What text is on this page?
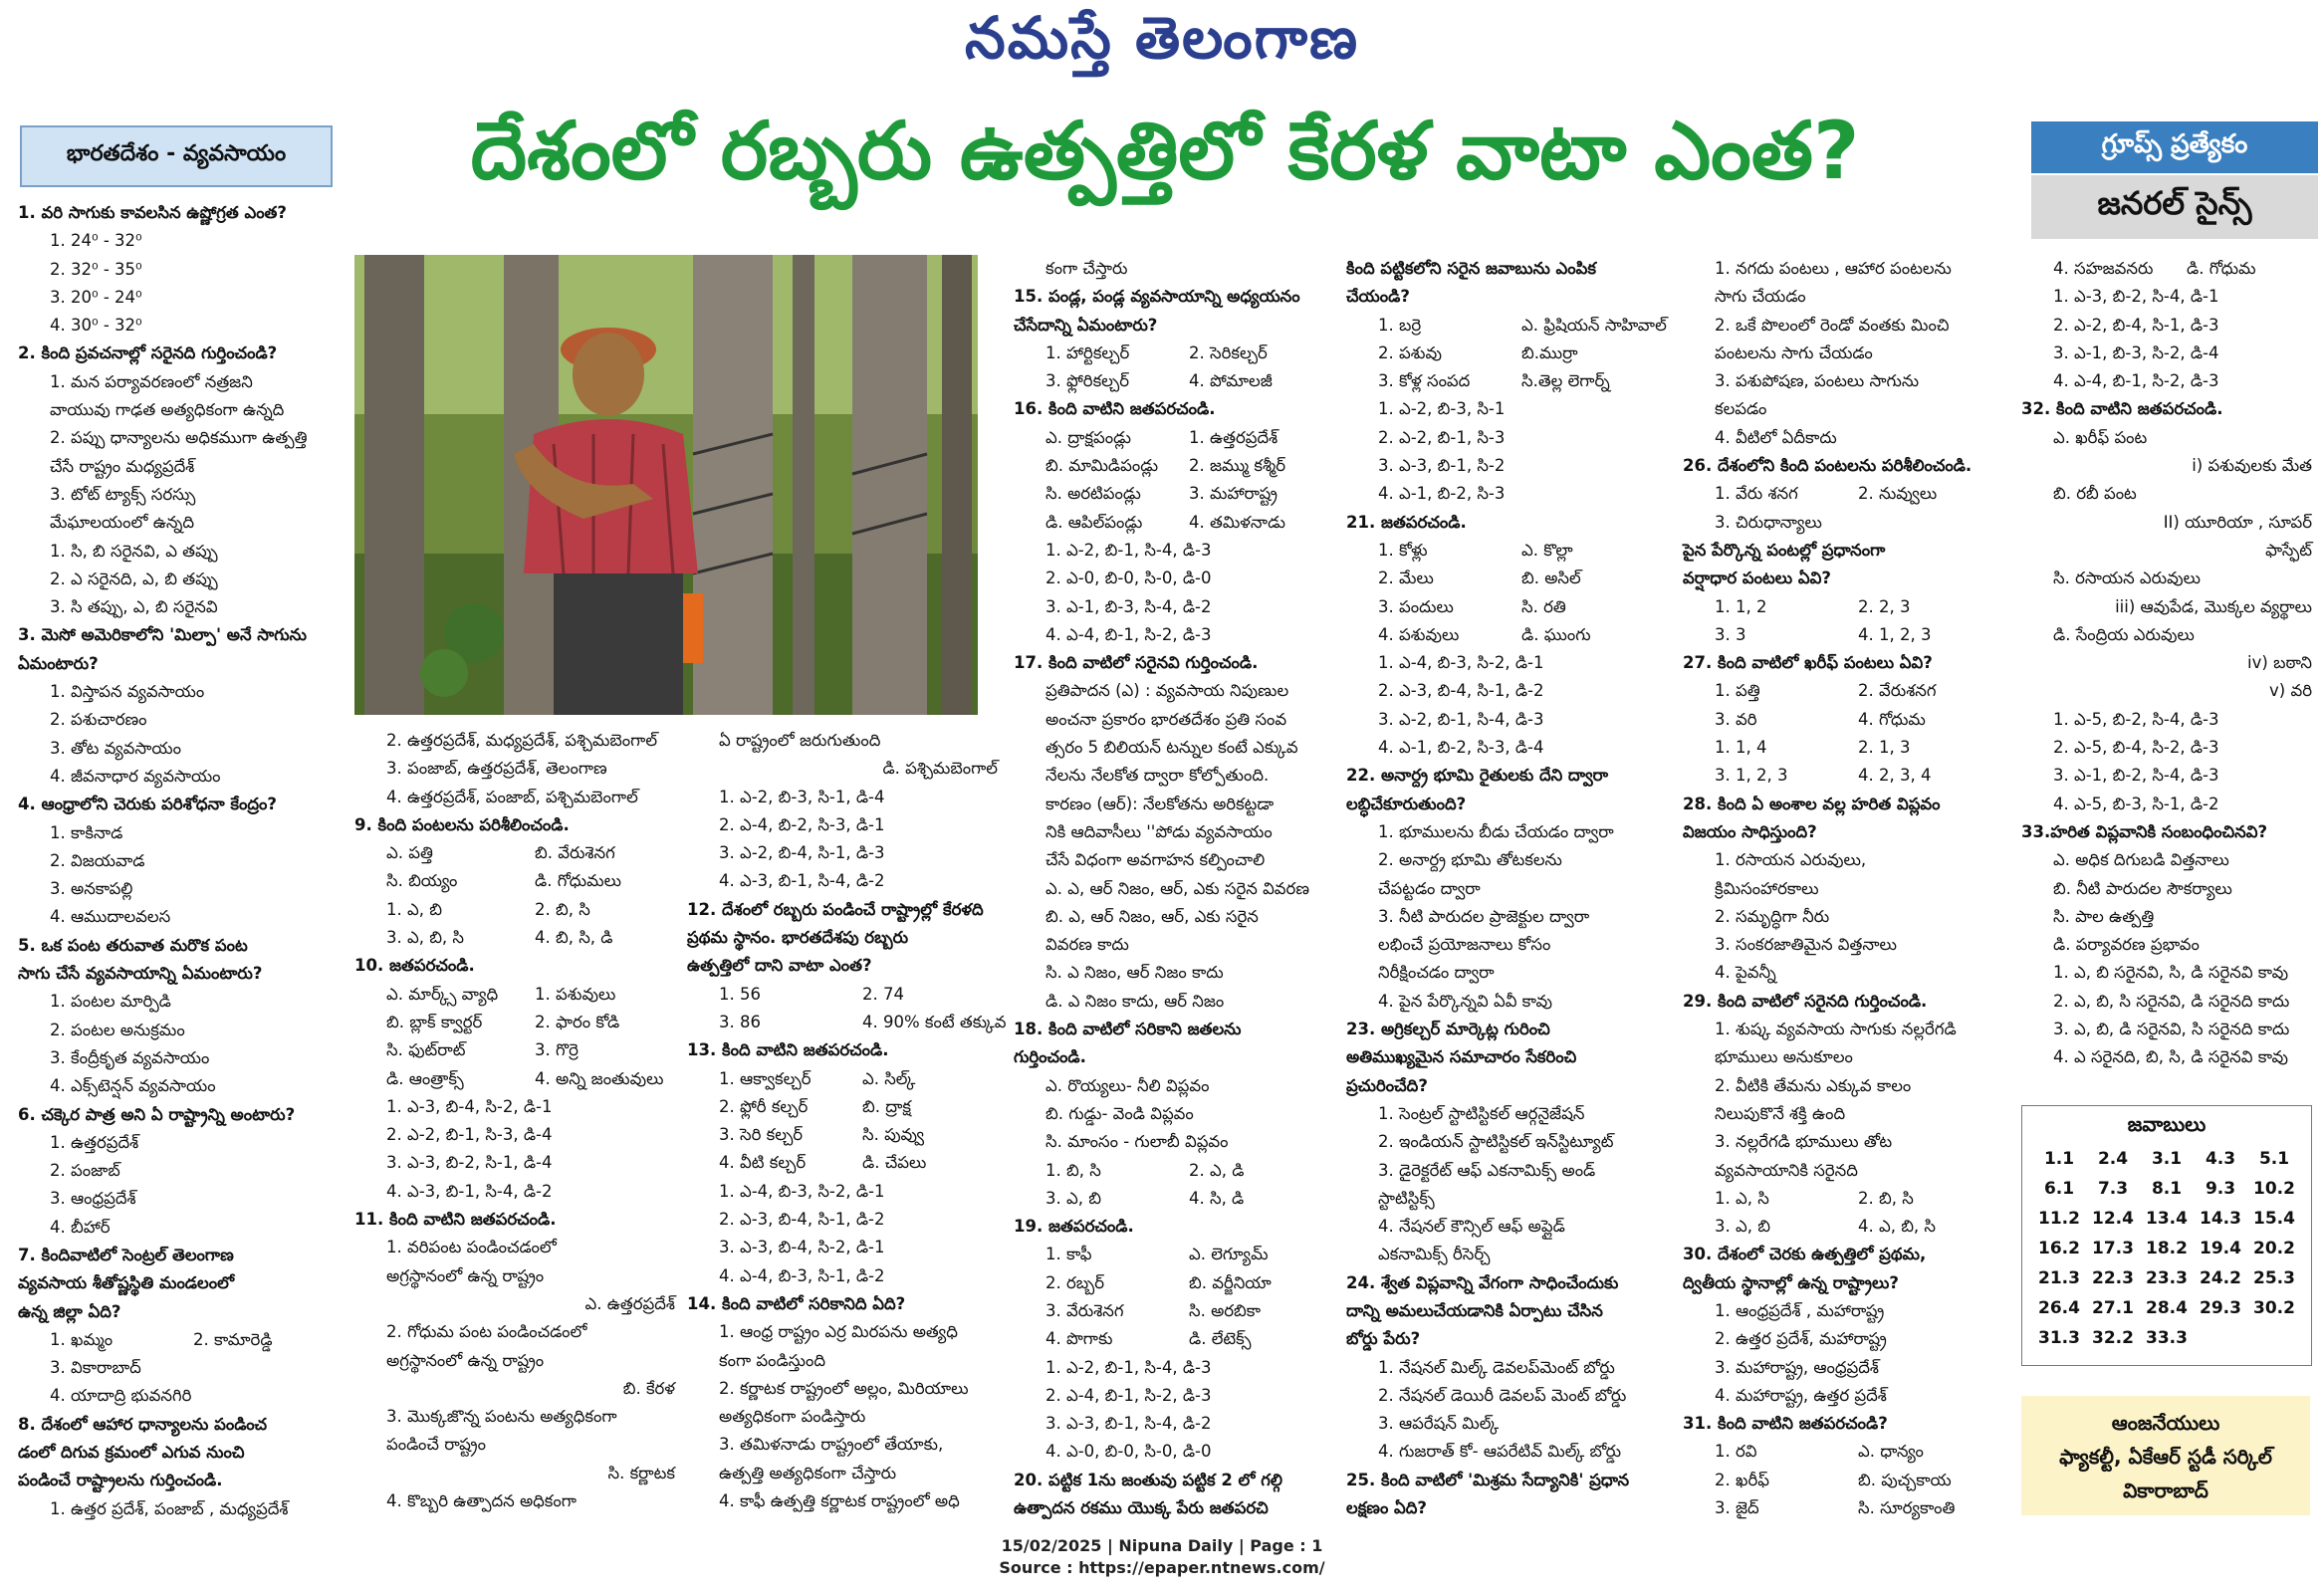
నమస్తే తెలంగాణ
భారతదేశం - వ్యవసాయం	దేశంలో రబ్బరు ఉత్పత్తిలో కేరళ వాటా ఎంత?	గ్రూప్స్ ప్రత్యేకం
జనరల్ సైన్స్
1. వరి సాగుకు కావలసిన ఉష్ణోగ్రత ఎంత?
1. 24⁰ - 32⁰
2. 32⁰ - 35⁰
3. 20⁰ - 24⁰
4. 30⁰ - 32⁰
2. కింది ప్రవచనాల్లో సరైనది గుర్తించండి?
1. మన పర్యావరణంలో నత్రజని
వాయువు గాఢత అత్యధికంగా ఉన్నది
2. పప్పు ధాన్యాలను అధికముగా ఉత్పత్తి
చేసే రాష్ట్రం మధ్యప్రదేశ్
3. టోట్ ట్యాక్స్ సరస్సు
మేఘాలయంలో ఉన్నది
1. సి, బి సరైనవి, ఎ తప్పు
2. ఎ సరైనది, ఎ, బి తప్పు
3. సి తప్పు, ఎ, బి సరైనవి
3. మెసో అమెరికాలోని 'మిల్పా' అనే సాగును
ఏమంటారు?
1. విస్తాపన వ్యవసాయం
2. పశుచారణం
3. తోట వ్యవసాయం
4. జీవనాధార వ్యవసాయం
4. ఆంధ్రాలోని చెరుకు పరిశోధనా కేంద్రం?
1. కాకినాడ
2. విజయవాడ
3. అనకాపల్లి
4. ఆముదాలవలస
5. ఒక పంట తరువాత మరొక పంట
సాగు చేసే వ్యవసాయాన్ని ఏమంటారు?
1. పంటల మార్పిడి
2. పంటల అనుక్రమం
3. కేంద్రీకృత వ్యవసాయం
4. ఎక్స్‌టెన్షన్ వ్యవసాయం
6. చక్కెర పాత్ర అని ఏ రాష్ట్రాన్ని అంటారు?
1. ఉత్తరప్రదేశ్
2. పంజాబ్
3. ఆంధ్రప్రదేశ్
4. బీహార్
7. కిందివాటిలో సెంట్రల్ తెలంగాణ
వ్యవసాయ శీతోష్ణస్థితి మండలంలో
ఉన్న జిల్లా ఏది?
1. ఖమ్మం	2. కామారెడ్డి
3. వికారాబాద్
4. యాదాద్రి భువనగిరి
8. దేశంలో ఆహార ధాన్యాలను పండించ
డంలో దిగువ క్రమంలో ఎగువ నుంచి
పండించే రాష్ట్రాలను గుర్తించండి.
1. ఉత్తర ప్రదేశ్, పంజాబ్ , మధ్యప్రదేశ్
2. ఉత్తరప్రదేశ్, మధ్యప్రదేశ్, పశ్చిమబెంగాల్
3. పంజాబ్, ఉత్తరప్రదేశ్, తెలంగాణ
4. ఉత్తరప్రదేశ్, పంజాబ్, పశ్చిమబెంగాల్
9. కింది పంటలను పరిశీలించండి.
ఎ. పత్తి	బి. వేరుశెనగ
సి. బియ్యం	డి. గోధుమలు
1. ఎ, బి	2. బి, సి
3. ఎ, బి, సి	4. బి, సి, డి
10. జతపరచండి.
ఎ. మార్క్స్ వ్యాధి	1. పశువులు
బి. బ్లాక్ క్వార్టర్	2. ఫారం కోడి
సి. ఫుట్‌రాట్	3. గొర్రె
డి. ఆంత్రాక్స్	4. అన్ని జంతువులు
1. ఎ-3, బి-4, సి-2, డి-1
2. ఎ-2, బి-1, సి-3, డి-4
3. ఎ-3, బి-2, సి-1, డి-4
4. ఎ-3, బి-1, సి-4, డి-2
11. కింది వాటిని జతపరచండి.
1. వరిపంట పండించడంలో
అగ్రస్థానంలో ఉన్న రాష్ట్రం
ఎ. ఉత్తరప్రదేశ్
2. గోధుమ పంట పండించడంలో
అగ్రస్థానంలో ఉన్న రాష్ట్రం
బి. కేరళ
3. మొక్కజొన్న పంటను అత్యధికంగా
పండించే రాష్ట్రం
సి. కర్ణాటక
4. కొబ్బరి ఉత్పాదన అధికంగా
ఏ రాష్ట్రంలో జరుగుతుంది
డి. పశ్చిమబెంగాల్
1. ఎ-2, బి-3, సి-1, డి-4
2. ఎ-4, బి-2, సి-3, డి-1
3. ఎ-2, బి-4, సి-1, డి-3
4. ఎ-3, బి-1, సి-4, డి-2
12. దేశంలో రబ్బరు పండించే రాష్ట్రాల్లో కేరళది
ప్రథమ స్థానం. భారతదేశపు రబ్బరు
ఉత్పత్తిలో దాని వాటా ఎంత?
1. 56	2. 74
3. 86	4. 90% కంటే తక్కువ
13. కింది వాటిని జతపరచండి.
1. ఆక్వాకల్చర్	ఎ. సిల్క్
2. ఫ్లోరీ కల్చర్	బి. ద్రాక్ష
3. సెరి కల్చర్	సి. పువ్వు
4. వీటి కల్చర్	డి. చేపలు
1. ఎ-4, బి-3, సి-2, డి-1
2. ఎ-3, బి-4, సి-1, డి-2
3. ఎ-3, బి-4, సి-2, డి-1
4. ఎ-4, బి-3, సి-1, డి-2
14. కింది వాటిలో సరికానిది ఏది?
1. ఆంధ్ర రాష్ట్రం ఎర్ర మిరపను అత్యధి
కంగా పండిస్తుంది
2. కర్ణాటక రాష్ట్రంలో అల్లం, మిరియాలు
అత్యధికంగా పండిస్తారు
3. తమిళనాడు రాష్ట్రంలో తేయాకు,
ఉత్పత్తి అత్యధికంగా చేస్తారు
4. కాఫీ ఉత్పత్తి కర్ణాటక రాష్ట్రంలో అధి
కంగా చేస్తారు
15. పండ్ల, పండ్ల వ్యవసాయాన్ని అధ్యయనం
చేసేదాన్ని ఏమంటారు?
1. హార్టికల్చర్	2. సెరికల్చర్
3. ఫ్లోరికల్చర్	4. పోమాలజీ
16. కింది వాటిని జతపరచండి.
ఎ. ద్రాక్షపండ్లు	1. ఉత్తరప్రదేశ్
బి. మామిడిపండ్లు	2. జమ్ము కశ్మీర్
సి. అరటిపండ్లు	3. మహారాష్ట్ర
డి. ఆపిల్‌పండ్లు	4. తమిళనాడు
1. ఎ-2, బి-1, సి-4, డి-3
2. ఎ-0, బి-0, సి-0, డి-0
3. ఎ-1, బి-3, సి-4, డి-2
4. ఎ-4, బి-1, సి-2, డి-3
17. కింది వాటిలో సరైనవి గుర్తించండి.
ప్రతిపాదన (ఎ) : వ్యవసాయ నిపుణుల
అంచనా ప్రకారం భారతదేశం ప్రతి సంవ
త్సరం 5 బిలియన్ టన్నుల కంటే ఎక్కువ
నేలను నేలకోత ద్వారా కోల్పోతుంది.
కారణం (ఆర్): నేలకోతను అరికట్టడా
నికి ఆదివాసీలు ''పోడు వ్యవసాయం
చేసే విధంగా అవగాహన కల్పించాలి
ఎ. ఎ, ఆర్ నిజం, ఆర్, ఎకు సరైన వివరణ
బి. ఎ, ఆర్ నిజం, ఆర్, ఎకు సరైన
వివరణ కాదు
సి. ఎ నిజం, ఆర్ నిజం కాదు
డి. ఎ నిజం కాదు, ఆర్ నిజం
18. కింది వాటిలో సరికాని జతలను
గుర్తించండి.
ఎ. రొయ్యలు- నీలి విప్లవం
బి. గుడ్డు- వెండి విప్లవం
సి. మాంసం - గులాబీ విప్లవం
1. బి, సి	2. ఎ, డి
3. ఎ, బి	4. సి, డి
19. జతపరచండి.
1. కాఫీ	ఎ. లెగ్యూమ్
2. రబ్బర్	బి. వర్జీనియా
3. వేరుశెనగ	సి. అరబికా
4. పొగాకు	డి. లేటెక్స్
1. ఎ-2, బి-1, సి-4, డి-3
2. ఎ-4, బి-1, సి-2, డి-3
3. ఎ-3, బి-1, సి-4, డి-2
4. ఎ-0, బి-0, సి-0, డి-0
20. పట్టిక 1ను జంతువు పట్టిక 2 లో గల్గి
ఉత్పాదన రకము యొక్క పేరు జతపరచి
కింది పట్టికలోని సరైన జవాబును ఎంపిక
చేయండి?
1. బర్రె	ఎ. ఫ్రిషియన్ సాహివాల్
2. పశువు	బి.ముర్రా
3. కోళ్ల సంపద	సి.తెల్ల లెగార్న్
1. ఎ-2, బి-3, సి-1
2. ఎ-2, బి-1, సి-3
3. ఎ-3, బి-1, సి-2
4. ఎ-1, బి-2, సి-3
21. జతపరచండి.
1. కోళ్లు	ఎ. కొల్లా
2. మేలు	బి. అసిల్
3. పందులు	సి. రతి
4. పశువులు	డి. ఘుంగు
1. ఎ-4, బి-3, సి-2, డి-1
2. ఎ-3, బి-4, సి-1, డి-2
3. ఎ-2, బి-1, సి-4, డి-3
4. ఎ-1, బి-2, సి-3, డి-4
22. అనార్ద్ర భూమి రైతులకు దేని ద్వారా
లబ్ధిచేకూరుతుంది?
1. భూములను బీడు చేయడం ద్వారా
2. అనార్ద్ర భూమి తోటకలను
చేపట్టడం ద్వారా
3. నీటి పారుదల ప్రాజెక్టుల ద్వారా
లభించే ప్రయోజనాలు కోసం
నిరీక్షించడం ద్వారా
4. పైన పేర్కొన్నవి ఏవీ కావు
23. అగ్రికల్చర్ మార్కెట్ల గురించి
అతిముఖ్యమైన సమాచారం సేకరించి
ప్రచురించేది?
1. సెంట్రల్ స్టాటిస్టికల్ ఆర్గనైజేషన్
2. ఇండియన్ స్టాటిస్టికల్ ఇన్‌స్టిట్యూట్
3. డైరెక్టరేట్ ఆఫ్ ఎకనామిక్స్ అండ్
స్టాటిస్టిక్స్
4. నేషనల్ కౌన్సిల్ ఆఫ్ అప్లైడ్
ఎకనామిక్స్ రీసెర్చ్
24. శ్వేత విప్లవాన్ని వేగంగా సాధించేందుకు
దాన్ని అమలుచేయడానికి ఏర్పాటు చేసిన
బోర్డు పేరు?
1. నేషనల్ మిల్క్ డెవలప్‌మెంట్ బోర్డు
2. నేషనల్ డెయిరీ డెవలప్ మెంట్ బోర్డు
3. ఆపరేషన్ మిల్క్
4. గుజరాత్ కో- ఆపరేటివ్ మిల్క్ బోర్డు
25. కింది వాటిలో 'మిశ్రమ సేద్యానికి' ప్రధాన
లక్షణం ఏది?
1. నగదు పంటలు , ఆహార పంటలను
సాగు చేయడం
2. ఒకే పొలంలో రెండో వంతకు మించి
పంటలను సాగు చేయడం
3. పశుపోషణ, పంటలు సాగును
కలపడం
4. వీటిలో ఏదీకాదు
26. దేశంలోని కింది పంటలను పరిశీలించండి.
1. వేరు శనగ	2. నువ్వులు
3. చిరుధాన్యాలు
పైన పేర్కొన్న పంటల్లో ప్రధానంగా
వర్షాధార పంటలు ఏవి?
1. 1, 2	2. 2, 3
3. 3	4. 1, 2, 3
27. కింది వాటిలో ఖరీఫ్ పంటలు ఏవి?
1. పత్తి	2. వేరుశనగ
3. వరి	4. గోధుమ
1. 1, 4	2. 1, 3
3. 1, 2, 3	4. 2, 3, 4
28. కింది ఏ అంశాల వల్ల హరిత విప్లవం
విజయం సాధిస్తుంది?
1. రసాయన ఎరువులు,
క్రిమిసంహారకాలు
2. సమృద్ధిగా నీరు
3. సంకరజాతిమైన విత్తనాలు
4. పైవన్నీ
29. కింది వాటిలో సరైనది గుర్తించండి.
1. శుష్క వ్యవసాయ సాగుకు నల్లరేగడి
భూములు అనుకూలం
2. వీటికి తేమను ఎక్కువ కాలం
నిలుపుకొనే శక్తి ఉంది
3. నల్లరేగడి భూములు తోట
వ్యవసాయానికి సరైనది
1. ఎ, సి	2. బి, సి
3. ఎ, బి	4. ఎ, బి, సి
30. దేశంలో చెరకు ఉత్పత్తిలో ప్రథమ,
ద్వితీయ స్థానాల్లో ఉన్న రాష్ట్రాలు?
1. ఆంధ్రప్రదేశ్ , మహారాష్ట్ర
2. ఉత్తర ప్రదేశ్, మహారాష్ట్ర
3. మహారాష్ట్ర, ఆంధ్రప్రదేశ్
4. మహారాష్ట్ర, ఉత్తర ప్రదేశ్
31. కింది వాటిని జతపరచండి?
1. రవి	ఎ. ధాన్యం
2. ఖరీఫ్	బి. పుచ్చకాయ
3. జైద్	సి. సూర్యకాంతి
4. సహజవనరు	డి. గోధుమ
1. ఎ-3, బి-2, సి-4, డి-1
2. ఎ-2, బి-4, సి-1, డి-3
3. ఎ-1, బి-3, సి-2, డి-4
4. ఎ-4, బి-1, సి-2, డి-3
32. కింది వాటిని జతపరచండి.
ఎ. ఖరీఫ్ పంట
i) పశువులకు మేత
బి. రబీ పంట
II) యూరియా , సూపర్
ఫాస్ఫేట్
సి. రసాయన ఎరువులు
iii) ఆవుపేడ, మొక్కల వ్యర్థాలు
డి. సేంద్రియ ఎరువులు
iv) బఠాని
v) వరి
1. ఎ-5, బి-2, సి-4, డి-3
2. ఎ-5, బి-4, సి-2, డి-3
3. ఎ-1, బి-2, సి-4, డి-3
4. ఎ-5, బి-3, సి-1, డి-2
33.హరిత విప్లవానికి సంబంధించినవి?
ఎ. అధిక దిగుబడి విత్తనాలు
బి. నీటి పారుదల సౌకర్యాలు
సి. పాల ఉత్పత్తి
డి. పర్యావరణ ప్రభావం
1. ఎ, బి సరైనవి, సి, డి సరైనవి కావు
2. ఎ, బి, సి సరైనవి, డి సరైనది కాదు
3. ఎ, బి, డి సరైనవి, సి సరైనది కాదు
4. ఎ సరైనది, బి, సి, డి సరైనవి కావు
జవాబులు
1.1	2.4	3.1	4.3	5.1
6.1	7.3	8.1	9.3	10.2
11.2 12.4 13.4 14.3 15.4
16.2 17.3 18.2 19.4 20.2
21.3 22.3 23.3 24.2 25.3
26.4 27.1 28.4 29.3 30.2
31.3 32.2 33.3
ఆంజనేయులు
ఫ్యాకల్టీ, ఏకేఆర్ స్టడీ సర్కిల్
వికారాబాద్
15/02/2025 | Nipuna Daily | Page : 1
Source : https://epaper.ntnews.com/
